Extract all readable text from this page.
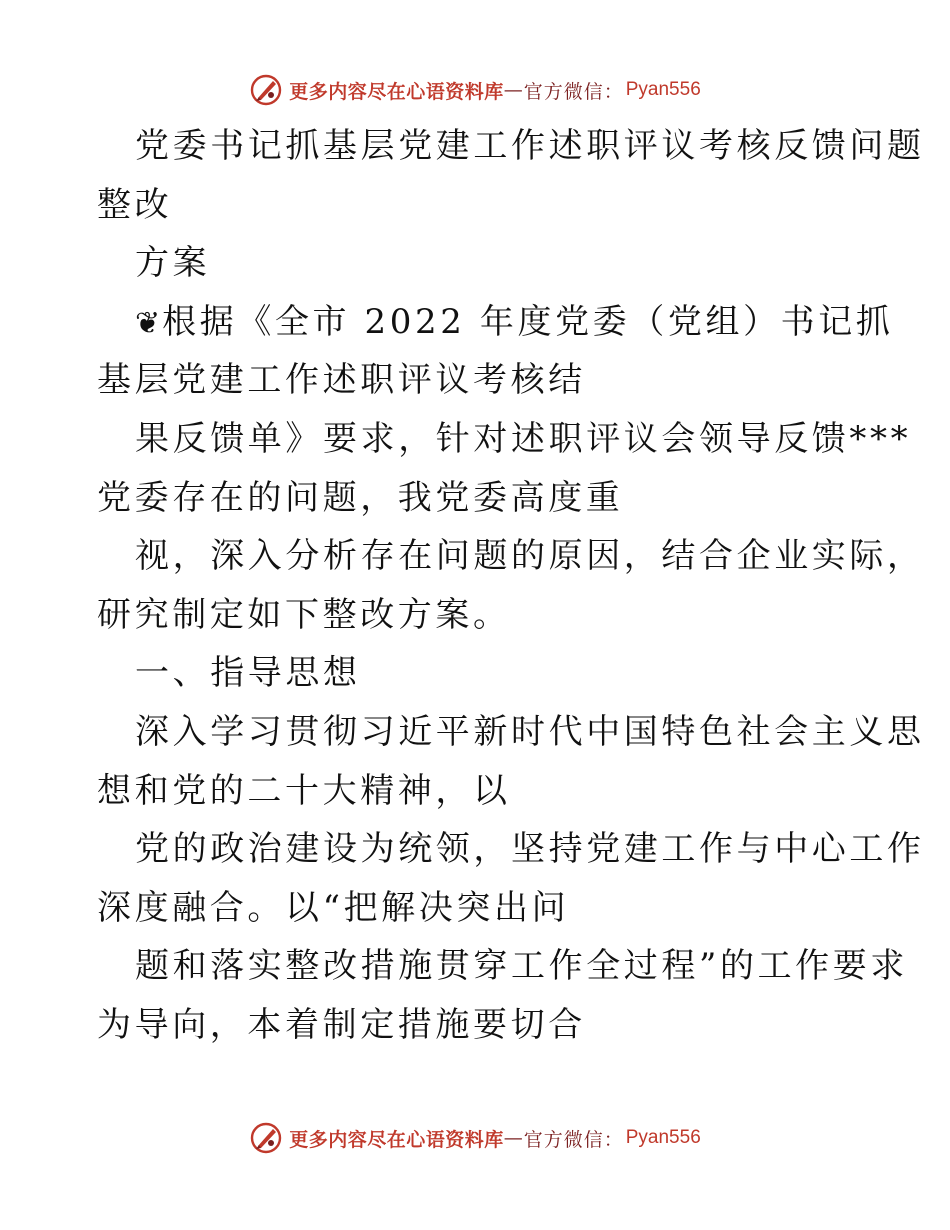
更多内容尽在心语资料库 — 官方微信： Pyan556
党委书记抓基层党建工作述职评议考核反馈问题
整改
方案
❦根据《全市 2022 年度党委（党组）书记抓
基层党建工作述职评议考核结
果反馈单》要求，针对述职评议会领导反馈***
党委存在的问题，我党委高度重
视，深入分析存在问题的原因，结合企业实际，
研究制定如下整改方案。
一、指导思想
深入学习贯彻习近平新时代中国特色社会主义思
想和党的二十大精神，以
党的政治建设为统领，坚持党建工作与中心工作
深度融合。以“把解决突出问
题和落实整改措施贯穿工作全过程”的工作要求
为导向，本着制定措施要切合
更多内容尽在心语资料库 — 官方微信： Pyan556
